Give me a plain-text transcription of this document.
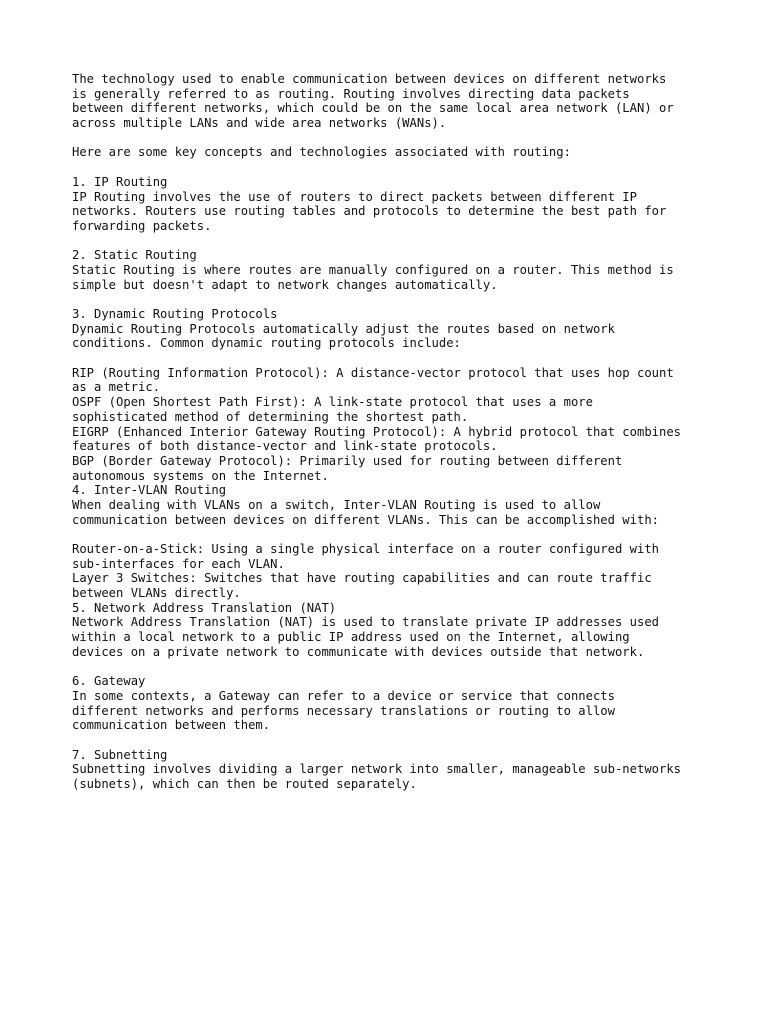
The technology used to enable communication between devices on different networks
is generally referred to as routing. Routing involves directing data packets
between different networks, which could be on the same local area network (LAN) or
across multiple LANs and wide area networks (WANs).
Here are some key concepts and technologies associated with routing:
1. IP Routing
IP Routing involves the use of routers to direct packets between different IP
networks. Routers use routing tables and protocols to determine the best path for
forwarding packets.
2. Static Routing
Static Routing is where routes are manually configured on a router. This method is
simple but doesn't adapt to network changes automatically.
3. Dynamic Routing Protocols
Dynamic Routing Protocols automatically adjust the routes based on network
conditions. Common dynamic routing protocols include:
RIP (Routing Information Protocol): A distance-vector protocol that uses hop count
as a metric.
OSPF (Open Shortest Path First): A link-state protocol that uses a more
sophisticated method of determining the shortest path.
EIGRP (Enhanced Interior Gateway Routing Protocol): A hybrid protocol that combines
features of both distance-vector and link-state protocols.
BGP (Border Gateway Protocol): Primarily used for routing between different
autonomous systems on the Internet.
4. Inter-VLAN Routing
When dealing with VLANs on a switch, Inter-VLAN Routing is used to allow
communication between devices on different VLANs. This can be accomplished with:
Router-on-a-Stick: Using a single physical interface on a router configured with
sub-interfaces for each VLAN.
Layer 3 Switches: Switches that have routing capabilities and can route traffic
between VLANs directly.
5. Network Address Translation (NAT)
Network Address Translation (NAT) is used to translate private IP addresses used
within a local network to a public IP address used on the Internet, allowing
devices on a private network to communicate with devices outside that network.
6. Gateway
In some contexts, a Gateway can refer to a device or service that connects
different networks and performs necessary translations or routing to allow
communication between them.
7. Subnetting
Subnetting involves dividing a larger network into smaller, manageable sub-networks
(subnets), which can then be routed separately.
